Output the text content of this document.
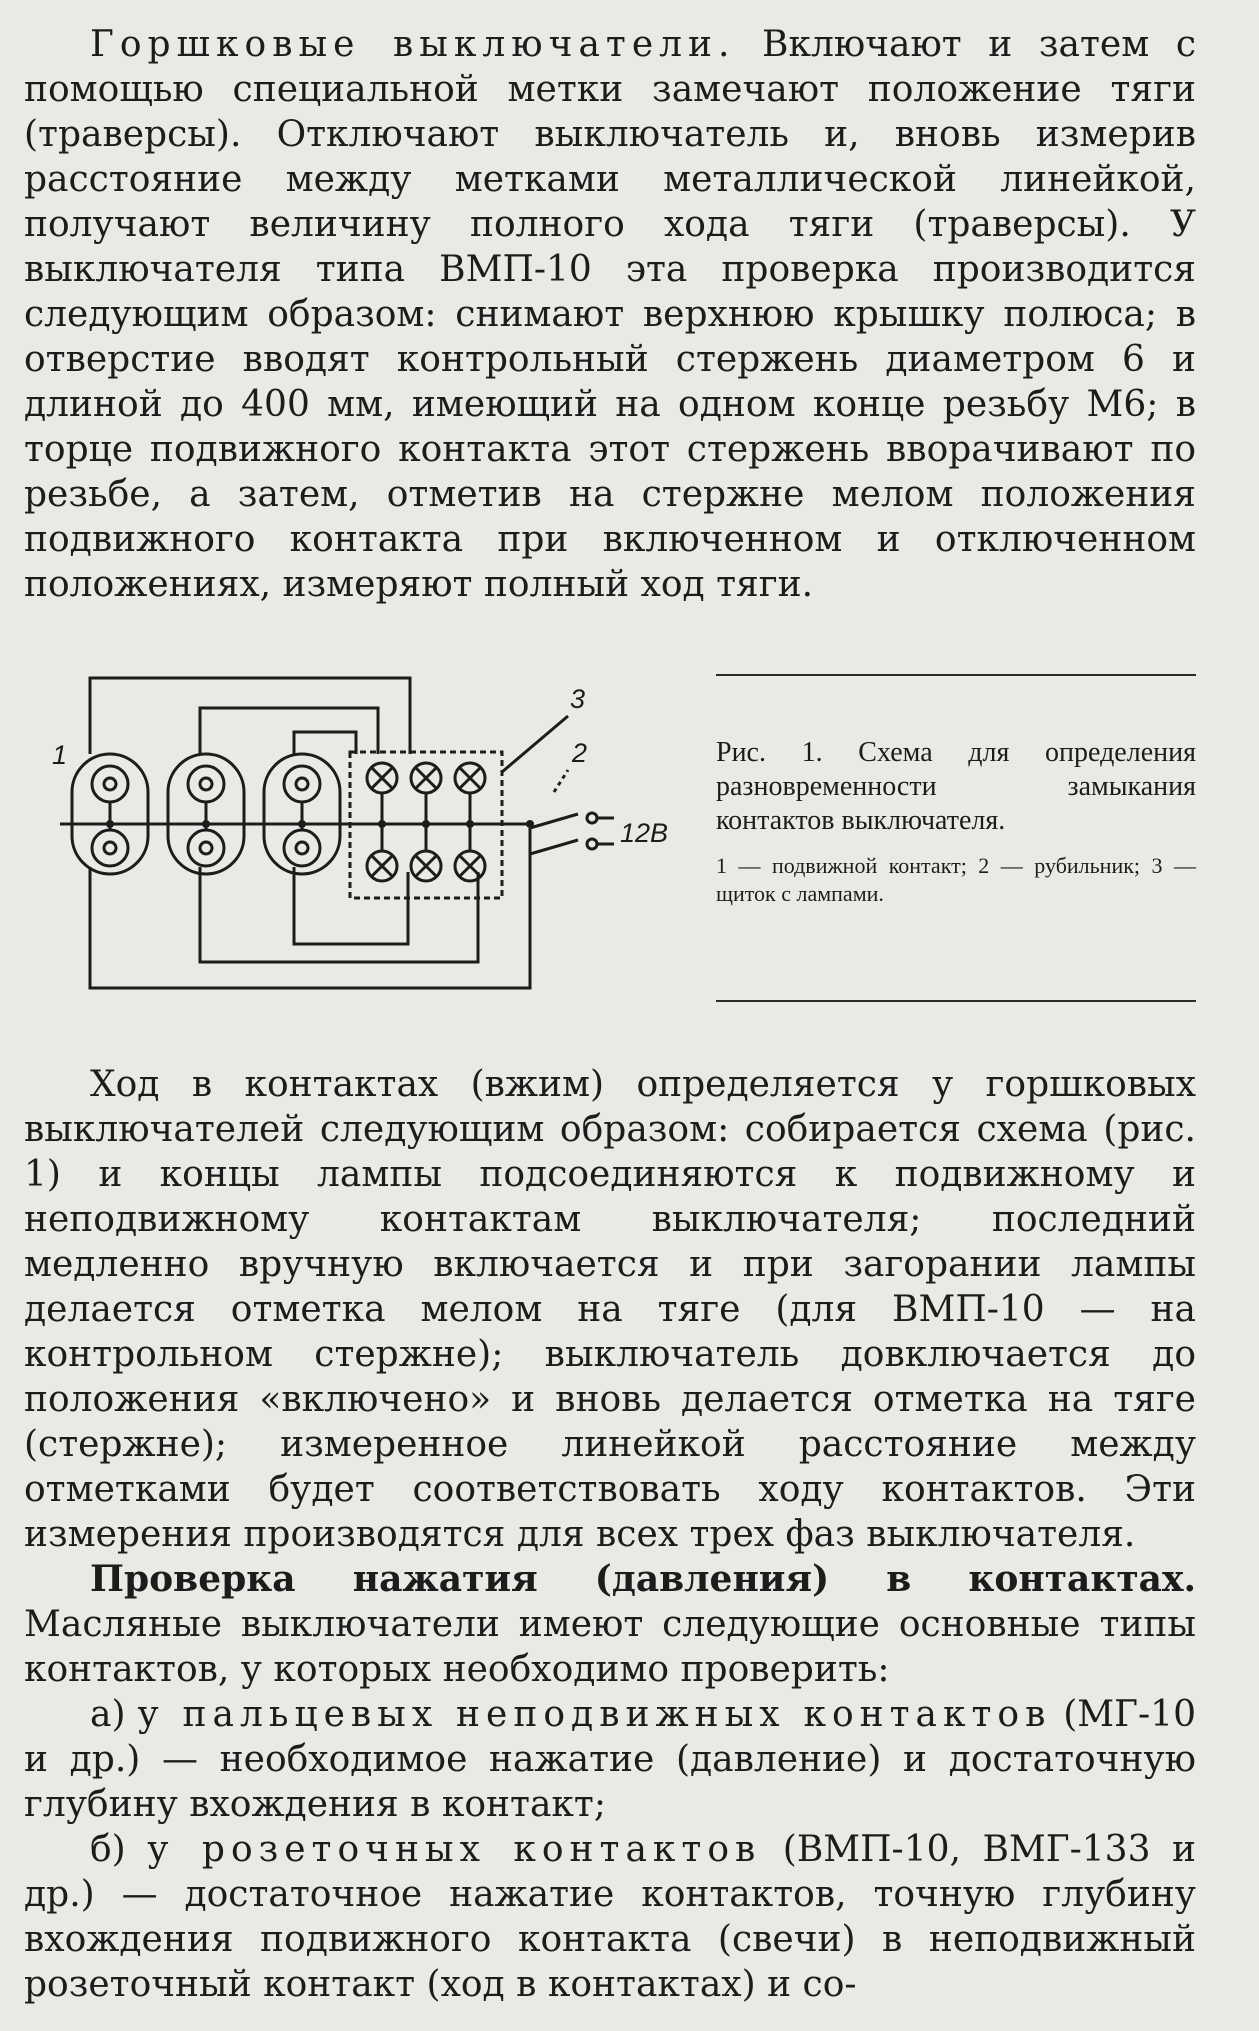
Горшковые выключатели. Включают и затем с помощью специальной метки замечают положение тяги (траверсы). Отключают выключатель и, вновь измерив расстояние между метками металлической линейкой, получают величину полного хода тяги (траверсы). У выключателя типа ВМП-10 эта проверка производится следующим образом: снимают верхнюю крышку полюса; в отверстие вводят контрольный стержень диаметром 6 и длиной до 400 мм, имеющий на одном конце резьбу М6; в торце подвижного контакта этот стержень вворачивают по резьбе, а затем, отметив на стержне мелом положения подвижного контакта при включенном и отключенном положениях, измеряют полный ход тяги.

1
3
2
12В

Рис. 1. Схема для определения разновременности замыкания контактов выключателя.

1 — подвижной контакт; 2 — рубильник; 3 — щиток с лампами.

Ход в контактах (вжим) определяется у горшковых выключателей следующим образом: собирается схема (рис. 1) и концы лампы подсоединяются к подвижному и неподвижному контактам выключателя; последний медленно вручную включается и при загорании лампы делается отметка мелом на тяге (для ВМП-10 — на контрольном стержне); выключатель довключается до положения «включено» и вновь делается отметка на тяге (стержне); измеренное линейкой расстояние между отметками будет соответствовать ходу контактов. Эти измерения производятся для всех трех фаз выключателя.

Проверка нажатия (давления) в контактах. Масляные выключатели имеют следующие основные типы контактов, у которых необходимо проверить:

а) у пальцевых неподвижных контактов (МГ-10 и др.) — необходимое нажатие (давление) и достаточную глубину вхождения в контакт;

б) у розеточных контактов (ВМП-10, ВМГ-133 и др.) — достаточное нажатие контактов, точную глубину вхождения подвижного контакта (свечи) в неподвижный розеточный контакт (ход в контактах) и со-
